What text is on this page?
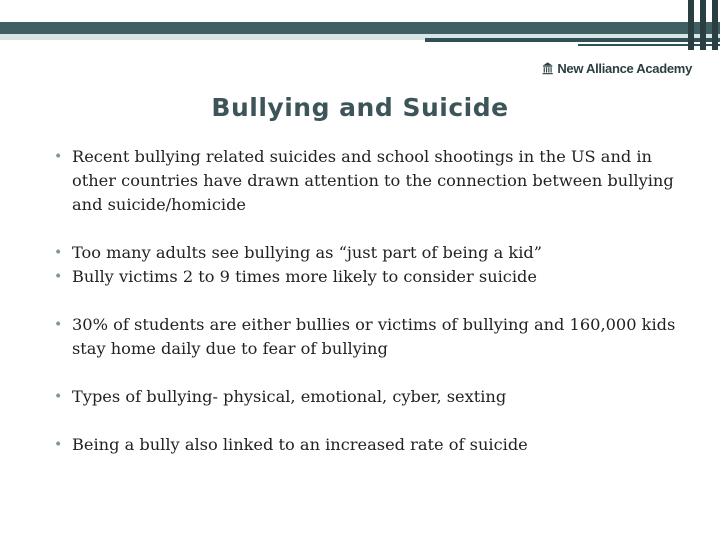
New Alliance Academy
Bullying and Suicide
• Recent bullying related suicides and school shootings in the US and in other countries have drawn attention to the connection between bullying and suicide/homicide
• Too many adults see bullying as “just part of being a kid”
• Bully victims 2 to 9 times more likely to consider suicide
• 30% of students are either bullies or victims of bullying and 160,000 kids stay home daily due to fear of bullying
• Types of bullying- physical, emotional, cyber, sexting
• Being a bully also linked to an increased rate of suicide
